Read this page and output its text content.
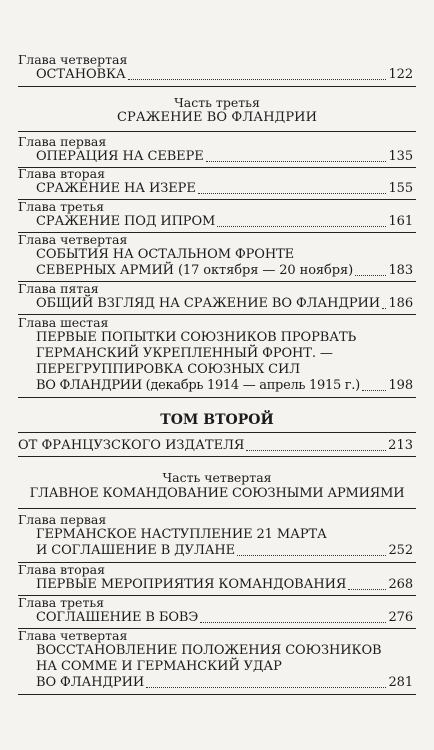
Глава четвертая
ОСТАНОВКА	122
Часть третья
СРАЖЕНИЕ ВО ФЛАНДРИИ
Глава первая
ОПЕРАЦИЯ НА СЕВЕРЕ	135
Глава вторая
СРАЖЕНИЕ НА ИЗЕРЕ	155
Глава третья
СРАЖЕНИЕ ПОД ИПРОМ	161
Глава четвертая
СОБЫТИЯ НА ОСТАЛЬНОМ ФРОНТЕ
СЕВЕРНЫХ АРМИЙ (17 октября — 20 ноября)	183
Глава пятая
ОБЩИЙ ВЗГЛЯД НА СРАЖЕНИЕ ВО ФЛАНДРИИ 186
Глава шестая
ПЕРВЫЕ ПОПЫТКИ СОЮЗНИКОВ ПРОРВАТЬ
ГЕРМАНСКИЙ УКРЕПЛЕННЫЙ ФРОНТ. —
ПЕРЕГРУППИРОВКА СОЮЗНЫХ СИЛ
ВО ФЛАНДРИИ (декабрь 1914 — апрель 1915 г.) 198
ТОМ ВТОРОЙ
ОТ ФРАНЦУЗСКОГО ИЗДАТЕЛЯ	213
Часть четвертая
ГЛАВНОЕ КОМАНДОВАНИЕ СОЮЗНЫМИ АРМИЯМИ
Глава первая
ГЕРМАНСКОЕ НАСТУПЛЕНИЕ 21 МАРТА
И СОГЛАШЕНИЕ В ДУЛАНЕ	252
Глава вторая
ПЕРВЫЕ МЕРОПРИЯТИЯ КОМАНДОВАНИЯ	268
Глава третья
СОГЛАШЕНИЕ В БОВЭ	276
Глава четвертая
ВОССТАНОВЛЕНИЕ ПОЛОЖЕНИЯ СОЮЗНИКОВ
НА СОММЕ И ГЕРМАНСКИЙ УДАР
ВО ФЛАНДРИИ	281
